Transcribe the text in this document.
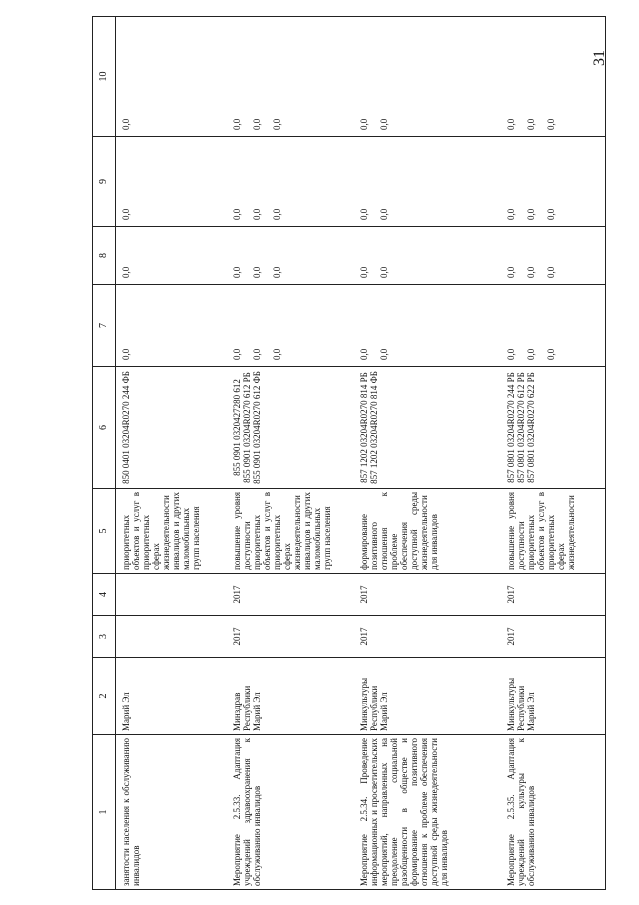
31
1	2	3	4	5	6	7	8	9	10
занятости населения к обслуживанию инвалидов	Марий Эл			приоритетных объектов и услуг в приоритетных сферах жизнедеятельности инвалидов и других маломобильных групп населения	850 0401 03204R0270 244 ФБ	0,0	0,0	0,0	0,0

Мероприятие 2.5.33. Адаптация учреждений здравоохранения к обслуживанию инвалидов	Минздрав Республики Марий Эл	2017	2017	повышение уровня доступности приоритетных объектов и услуг в приоритетных сферах жизнедеятельности инвалидов и других маломобильных групп населения	855 0901 0320427280 612 855 0901 03204R0270 612 РБ 855 0901 03204R0270 612 ФБ	0,0 0,0 0,0	0,0 0,0 0,0	0,0 0,0 0,0	0,0 0,0 0,0

Мероприятие 2.5.34. Проведение информационных и просветительских мероприятий, направленных на преодоление социальной разобщенности в обществе и формирование позитивного отношения к проблеме обеспечения доступной среды жизнедеятельности для инвалидов	Минкультуры Республики Марий Эл	2017	2017	формирование позитивного отношения к проблеме обеспечения доступной среды жизнедеятельности для инвалидов	857 1202 03204R0270 814 РБ 857 1202 03204R0270 814 ФБ	0,0 0,0	0,0 0,0	0,0 0,0	0,0 0,0

Мероприятие 2.5.35. Адаптация учреждений культуры к обслуживанию инвалидов	Минкультуры Республики Марий Эл	2017	2017	повышение уровня доступности приоритетных объектов и услуг в приоритетных сферах жизнедеятельности	857 0801 03204R0270 244 РБ 857 0801 03204R0270 612 РБ 857 0801 03204R0270 622 РБ	0,0 0,0 0,0	0,0 0,0 0,0	0,0 0,0 0,0	0,0 0,0 0,0
